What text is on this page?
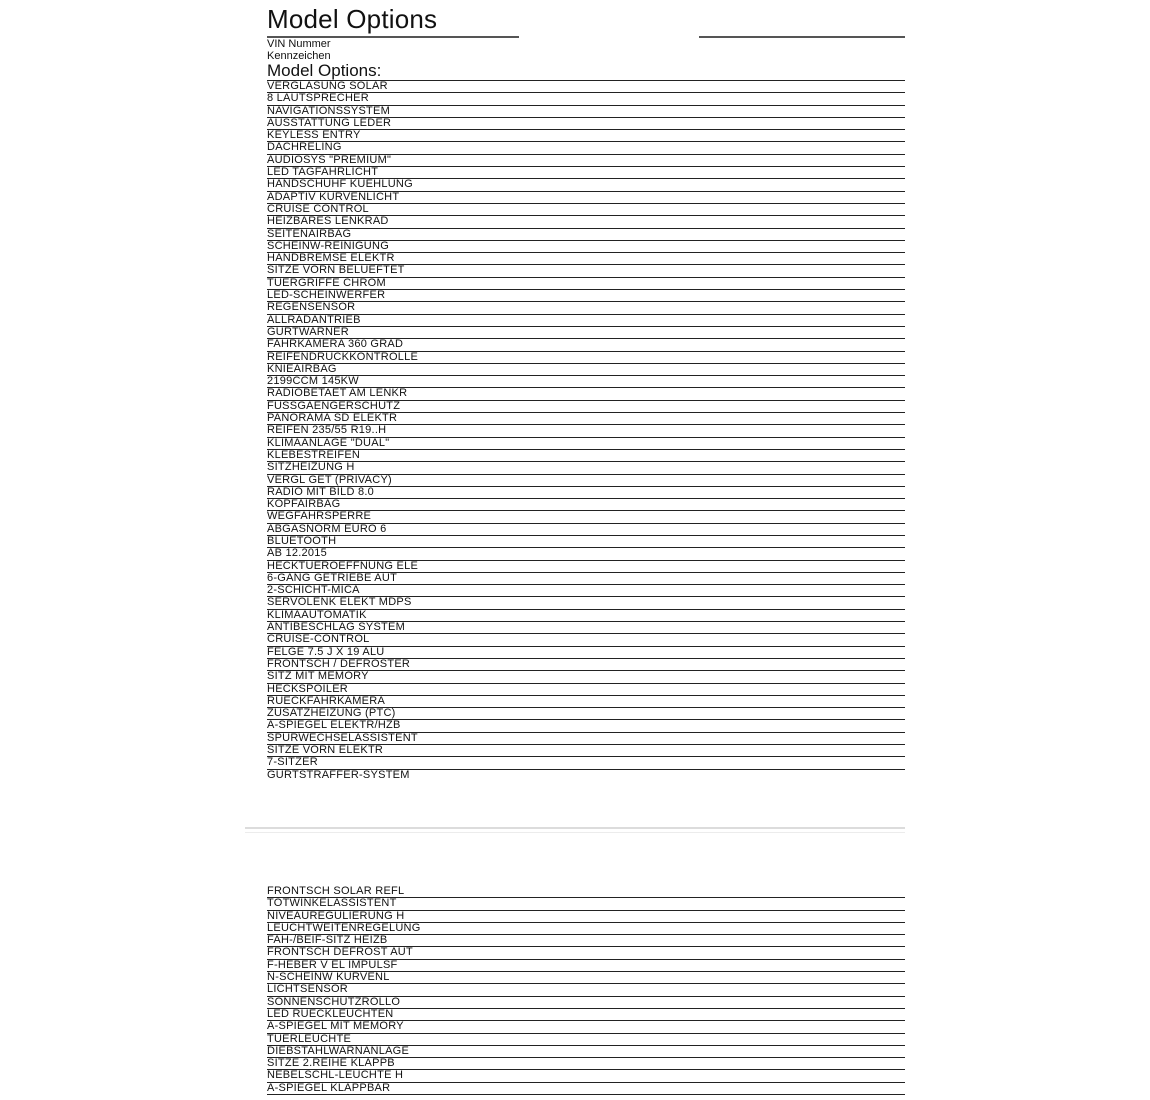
Model Options
VIN Nummer
Kennzeichen
Model Options:
VERGLASUNG SOLAR
8 LAUTSPRECHER
NAVIGATIONSSYSTEM
AUSSTATTUNG LEDER
KEYLESS ENTRY
DACHRELING
AUDIOSYS "PREMIUM"
LED TAGFAHRLICHT
HANDSCHUHF KUEHLUNG
ADAPTIV KURVENLICHT
CRUISE CONTROL
HEIZBARES LENKRAD
SEITENAIRBAG
SCHEINW-REINIGUNG
HANDBREMSE ELEKTR
SITZE VORN BELUEFTET
TUERGRIFFE CHROM
LED-SCHEINWERFER
REGENSENSOR
ALLRADANTRIEB
GURTWARNER
FAHRKAMERA 360 GRAD
REIFENDRUCKKONTROLLE
KNIEAIRBAG
2199CCM 145KW
RADIOBETAET AM LENKR
FUSSGAENGERSCHUTZ
PANORAMA SD ELEKTR
REIFEN 235/55 R19..H
KLIMAANLAGE "DUAL"
KLEBESTREIFEN
SITZHEIZUNG H
VERGL GET (PRIVACY)
RADIO MIT BILD 8.0
KOPFAIRBAG
WEGFAHRSPERRE
ABGASNORM EURO 6
BLUETOOTH
AB 12.2015
HECKTUEROEFFNUNG ELE
6-GANG GETRIEBE AUT
2-SCHICHT-MICA
SERVOLENK ELEKT MDPS
KLIMAAUTOMATIK
ANTIBESCHLAG SYSTEM
CRUISE-CONTROL
FELGE 7.5 J X 19 ALU
FRONTSCH / DEFROSTER
SITZ MIT MEMORY
HECKSPOILER
RUECKFAHRKAMERA
ZUSATZHEIZUNG (PTC)
A-SPIEGEL ELEKTR/HZB
SPURWECHSELASSISTENT
SITZE VORN ELEKTR
7-SITZER
GURTSTRAFFER-SYSTEM
FRONTSCH SOLAR REFL
TOTWINKELASSISTENT
NIVEAUREGULIERUNG H
LEUCHTWEITENREGELUNG
FAH-/BEIF-SITZ HEIZB
FRONTSCH DEFROST AUT
F-HEBER V EL IMPULSF
N-SCHEINW KURVENL
LICHTSENSOR
SONNENSCHUTZROLLO
LED RUECKLEUCHTEN
A-SPIEGEL MIT MEMORY
TUERLEUCHTE
DIEBSTAHLWARNANLAGE
SITZE 2.REIHE KLAPPB
NEBELSCHL-LEUCHTE H
A-SPIEGEL KLAPPBAR
